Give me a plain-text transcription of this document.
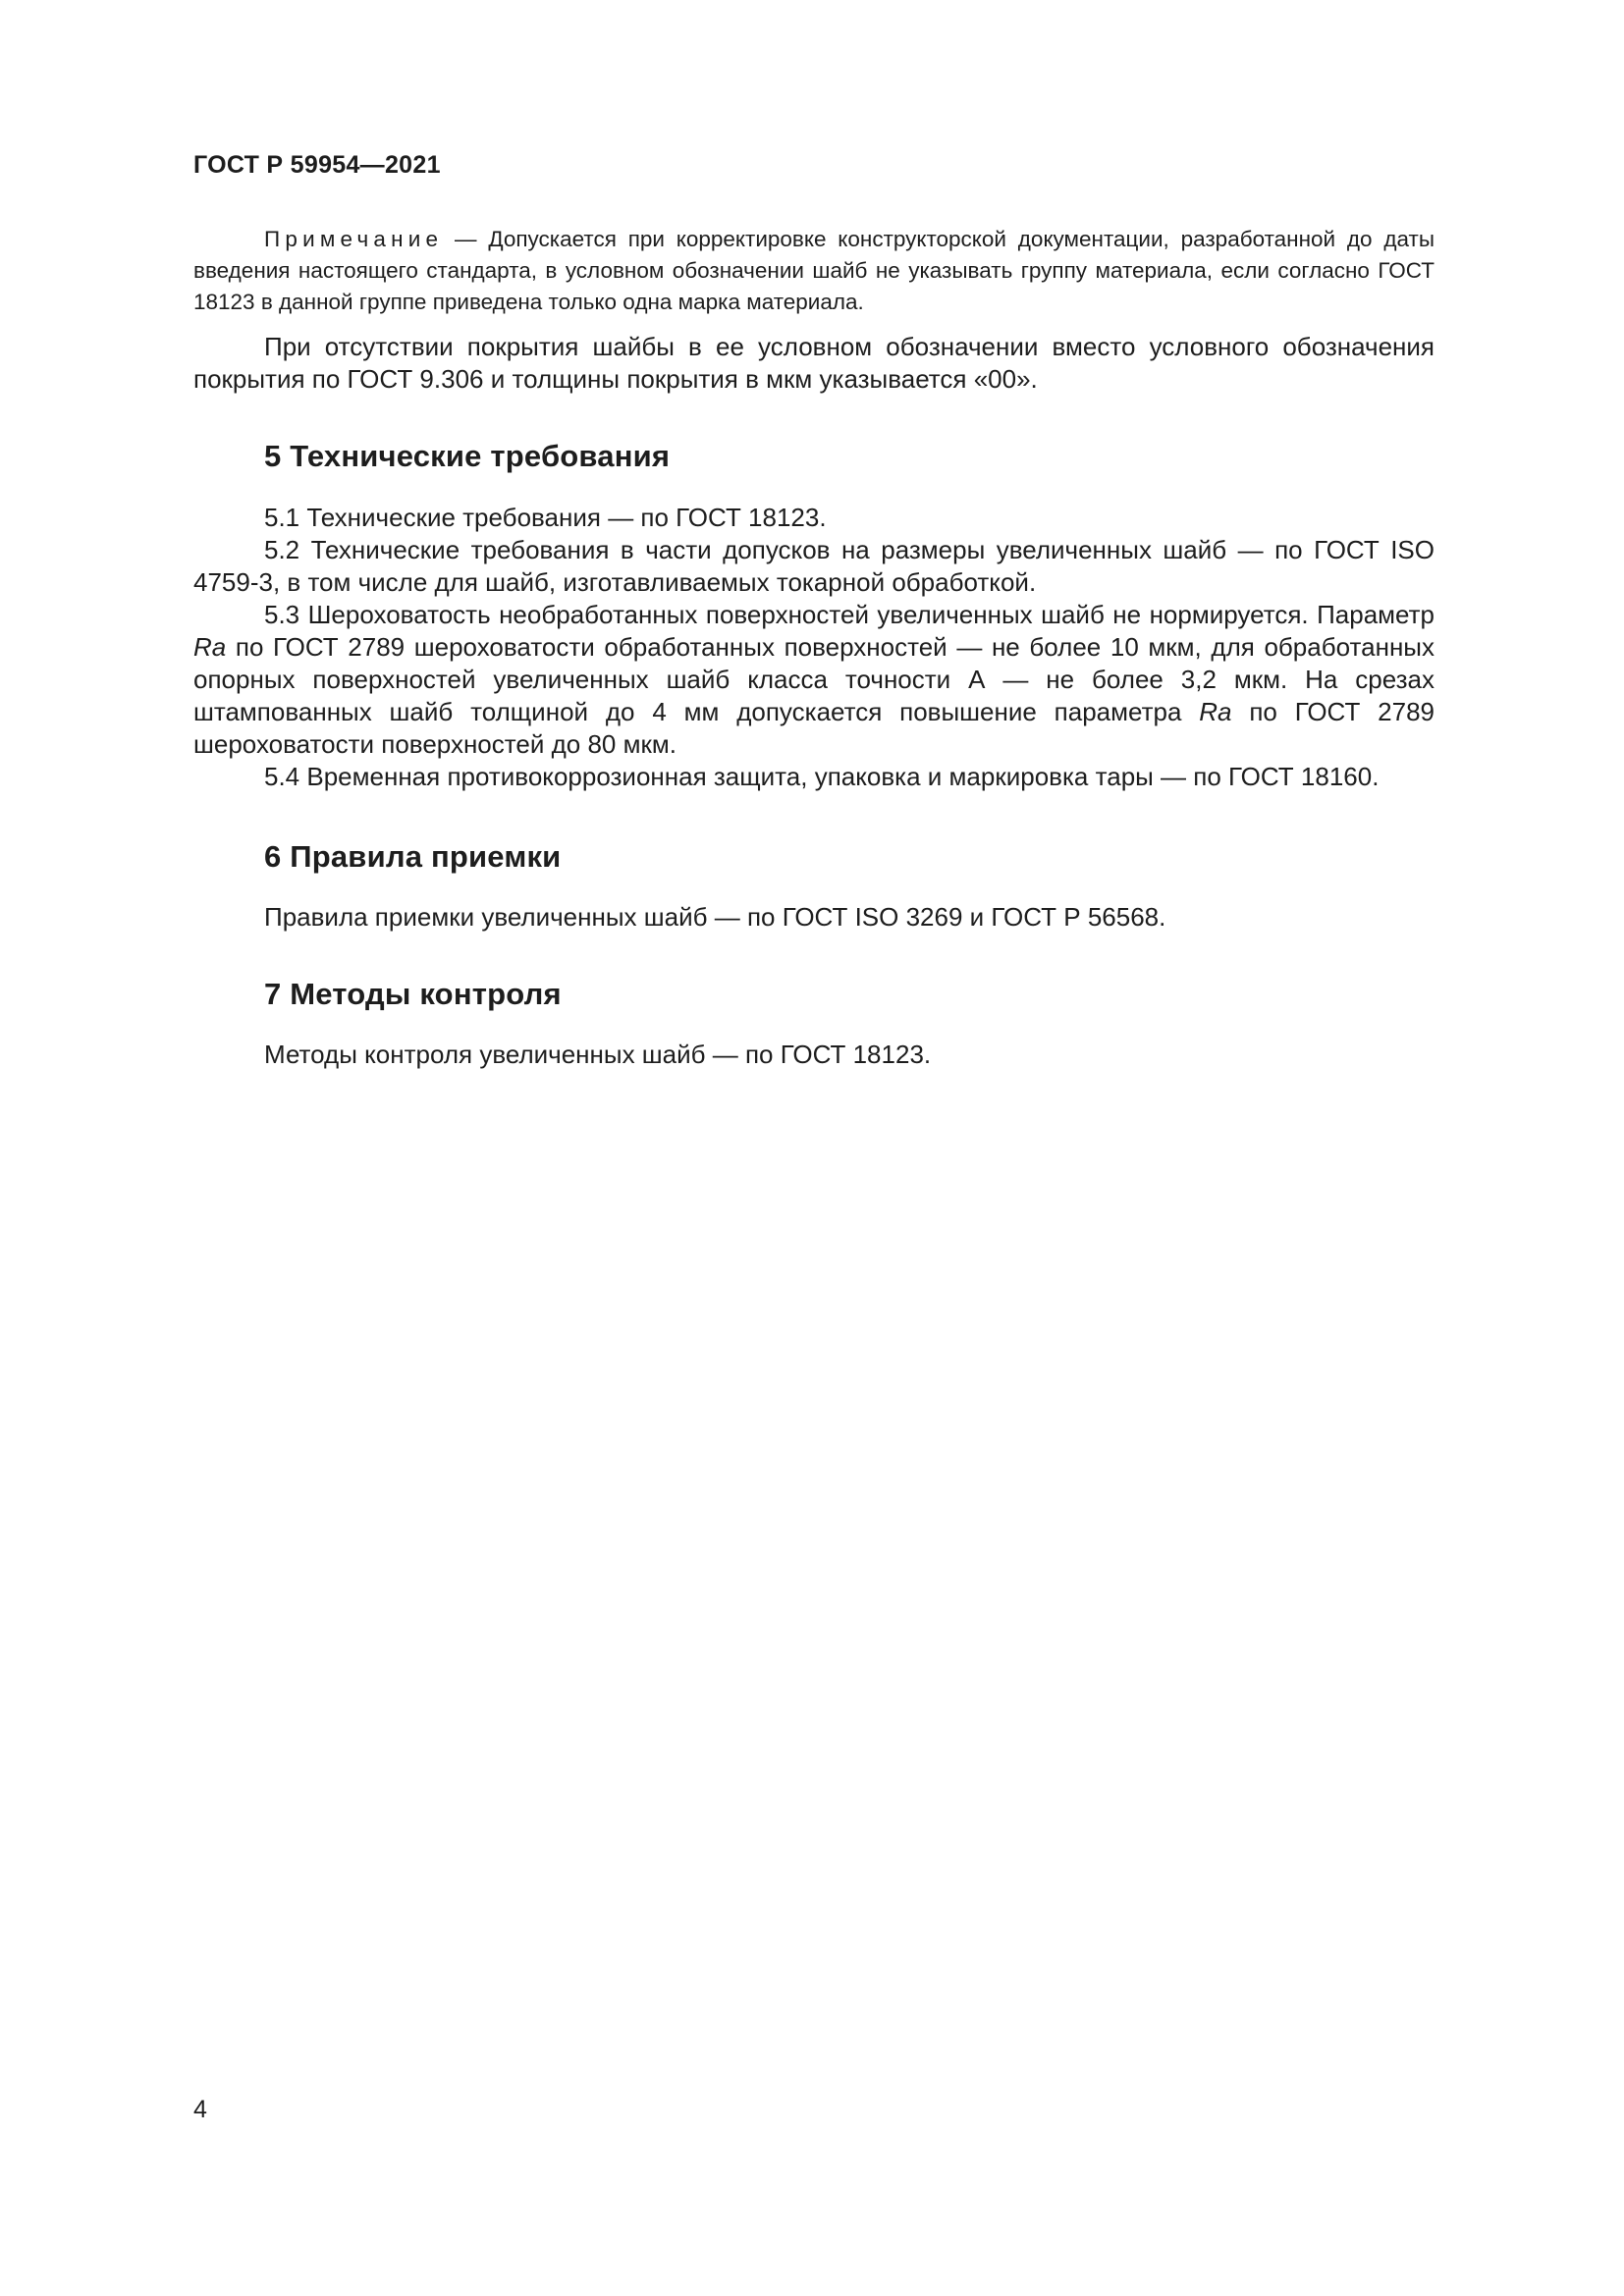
ГОСТ Р 59954—2021

Примечание — Допускается при корректировке конструкторской документации, разработанной до даты введения настоящего стандарта, в условном обозначении шайб не указывать группу материала, если согласно ГОСТ 18123 в данной группе приведена только одна марка материала.

При отсутствии покрытия шайбы в ее условном обозначении вместо условного обозначения покрытия по ГОСТ 9.306 и толщины покрытия в мкм указывается «00».

5 Технические требования

5.1 Технические требования — по ГОСТ 18123.

5.2 Технические требования в части допусков на размеры увеличенных шайб — по ГОСТ ISO 4759-3, в том числе для шайб, изготавливаемых токарной обработкой.

5.3 Шероховатость необработанных поверхностей увеличенных шайб не нормируется. Параметр Ra по ГОСТ 2789 шероховатости обработанных поверхностей — не более 10 мкм, для обработанных опорных поверхностей увеличенных шайб класса точности А — не более 3,2 мкм. На срезах штампованных шайб толщиной до 4 мм допускается повышение параметра Ra по ГОСТ 2789 шероховатости поверхностей до 80 мкм.

5.4 Временная противокоррозионная защита, упаковка и маркировка тары — по ГОСТ 18160.

6 Правила приемки

Правила приемки увеличенных шайб — по ГОСТ ISO 3269 и ГОСТ Р 56568.

7 Методы контроля

Методы контроля увеличенных шайб — по ГОСТ 18123.

4
